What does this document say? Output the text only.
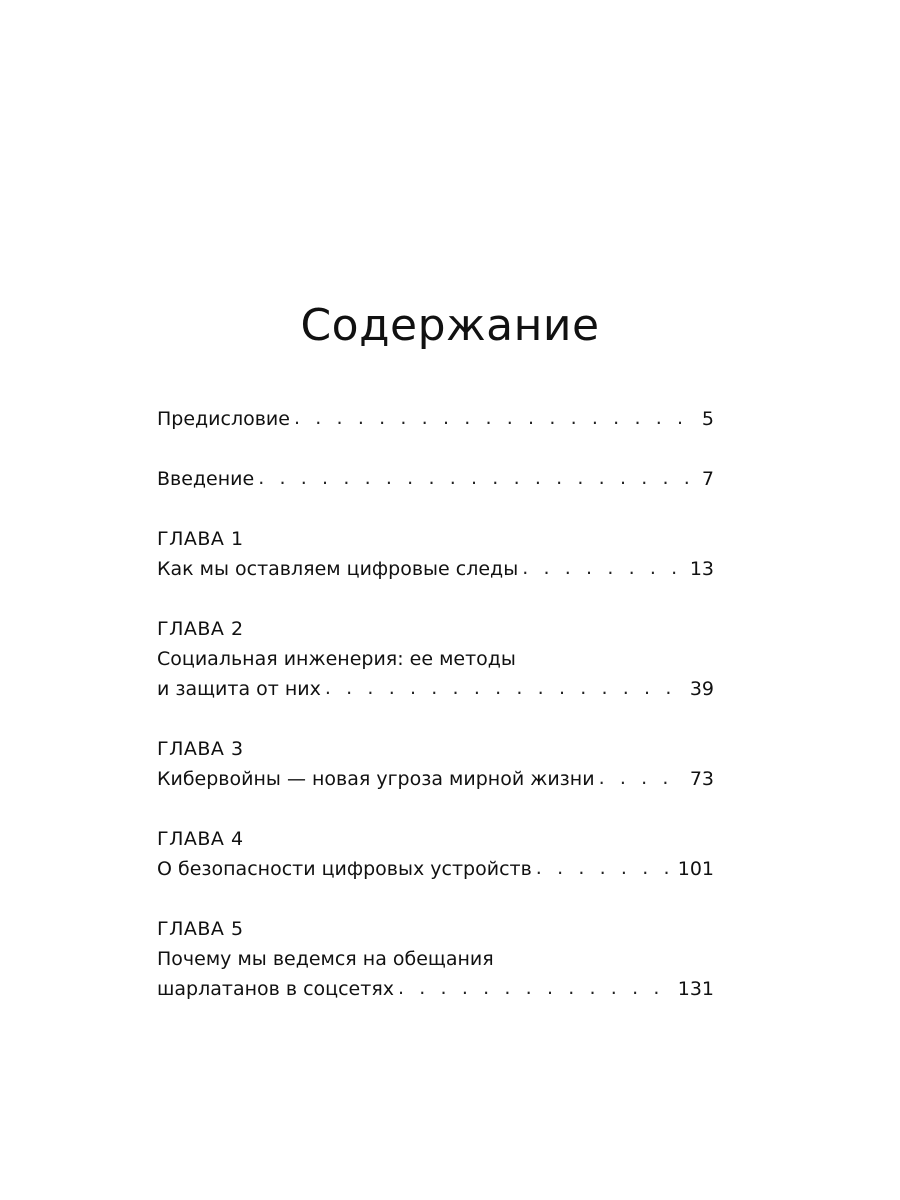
Содержание
Предисловие . . .	5
Введение . . .	7
ГЛАВА 1
Как мы оставляем цифровые следы . . .	13
ГЛАВА 2
Социальная инженерия: ее методы
и защита от них . . .	39
ГЛАВА 3
Кибервойны — новая угроза мирной жизни . . .	73
ГЛАВА 4
О безопасности цифровых устройств . . .	101
ГЛАВА 5
Почему мы ведемся на обещания
шарлатанов в соцсетях . . .	131
